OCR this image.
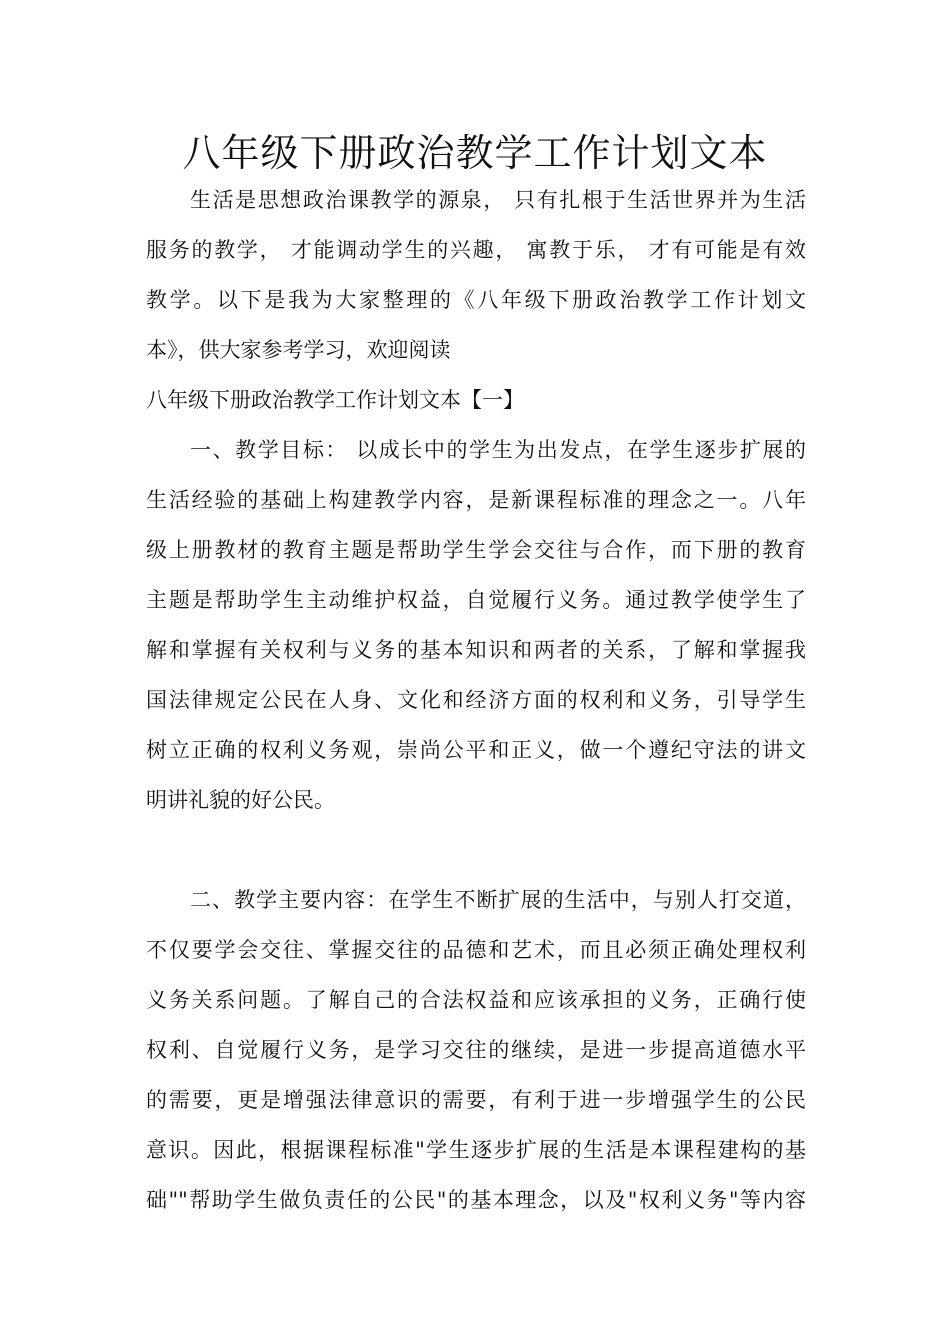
八年级下册政治教学工作计划文本
生活是思想政治课教学的源泉， 只有扎根于生活世界并为生活
服务的教学， 才能调动学生的兴趣， 寓教于乐， 才有可能是有效
教学。以下是我为大家整理的《八年级下册政治教学工作计划文
本》，供大家参考学习，欢迎阅读
八年级下册政治教学工作计划文本【一】
一、教学目标： 以成长中的学生为出发点，在学生逐步扩展的
生活经验的基础上构建教学内容，是新课程标准的理念之一。八年
级上册教材的教育主题是帮助学生学会交往与合作，而下册的教育
主题是帮助学生主动维护权益，自觉履行义务。通过教学使学生了
解和掌握有关权利与义务的基本知识和两者的关系，了解和掌握我
国法律规定公民在人身、文化和经济方面的权利和义务，引导学生
树立正确的权利义务观，崇尚公平和正义，做一个遵纪守法的讲文
明讲礼貌的好公民。
二、教学主要内容：在学生不断扩展的生活中，与别人打交道，
不仅要学会交往、掌握交往的品德和艺术，而且必须正确处理权利
义务关系问题。了解自己的合法权益和应该承担的义务，正确行使
权利、自觉履行义务，是学习交往的继续，是进一步提高道德水平
的需要，更是增强法律意识的需要，有利于进一步增强学生的公民
意识。因此，根据课程标准"学生逐步扩展的生活是本课程建构的基
础""帮助学生做负责任的公民"的基本理念，以及"权利义务"等内容
